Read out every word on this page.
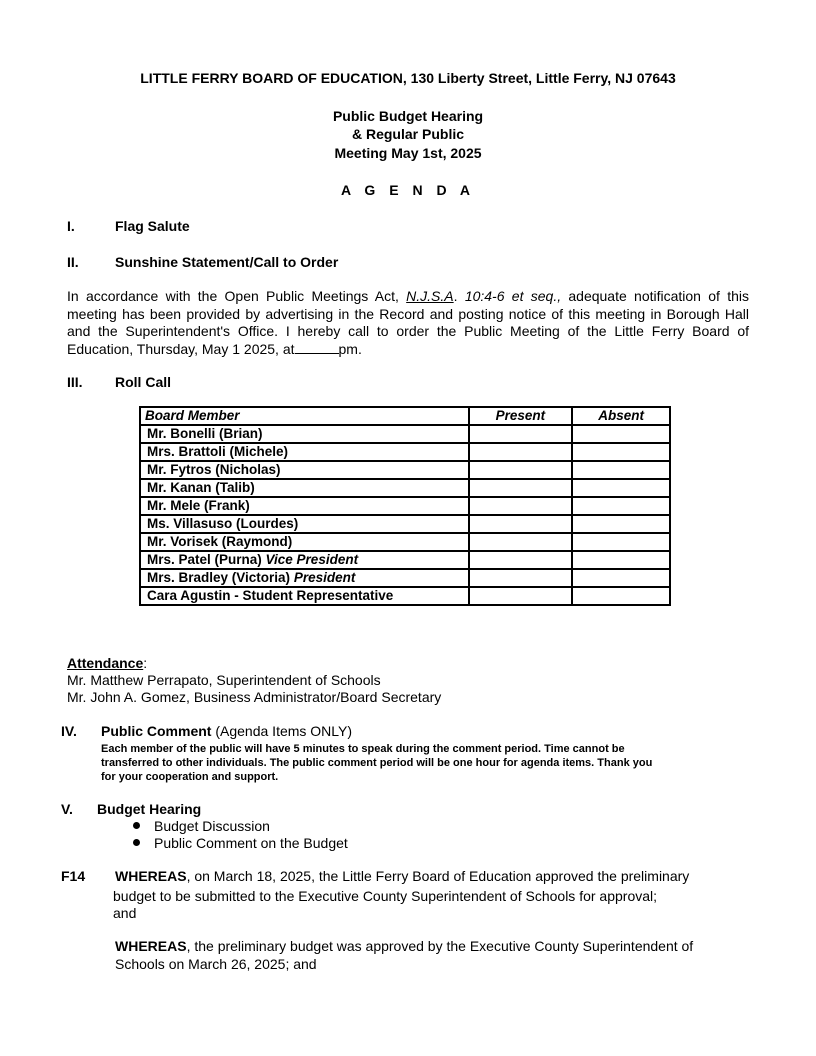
LITTLE FERRY BOARD OF EDUCATION, 130 Liberty Street, Little Ferry, NJ 07643
Public Budget Hearing
& Regular Public
Meeting May 1st, 2025
A G E N D A
I.	Flag Salute
II.	Sunshine Statement/Call to Order
In accordance with the Open Public Meetings Act, N.J.S.A. 10:4-6 et seq., adequate notification of this meeting has been provided by advertising in the Record and posting notice of this meeting in Borough Hall and the Superintendent's Office. I hereby call to order the Public Meeting of the Little Ferry Board of Education, Thursday, May 1 2025, at	pm.
III. Roll Call
Board Member	Present	Absent
Mr. Bonelli (Brian)		
Mrs. Brattoli (Michele)		
Mr. Fytros (Nicholas)		
Mr. Kanan (Talib)		
Mr. Mele (Frank)		
Ms. Villasuso (Lourdes)		
Mr. Vorisek (Raymond)		
Mrs. Patel (Purna) Vice President		
Mrs. Bradley (Victoria) President		
Cara Agustin - Student Representative		
Attendance:
Mr. Matthew Perrapato, Superintendent of Schools
Mr. John A. Gomez, Business Administrator/Board Secretary
IV. Public Comment (Agenda Items ONLY)
Each member of the public will have 5 minutes to speak during the comment period. Time cannot be
transferred to other individuals. The public comment period will be one hour for agenda items. Thank you
for your cooperation and support.
V. Budget Hearing
Budget Discussion
Public Comment on the Budget
F14 WHEREAS, on March 18, 2025, the Little Ferry Board of Education approved the preliminary
budget to be submitted to the Executive County Superintendent of Schools for approval;
and
WHEREAS, the preliminary budget was approved by the Executive County Superintendent of
Schools on March 26, 2025; and
